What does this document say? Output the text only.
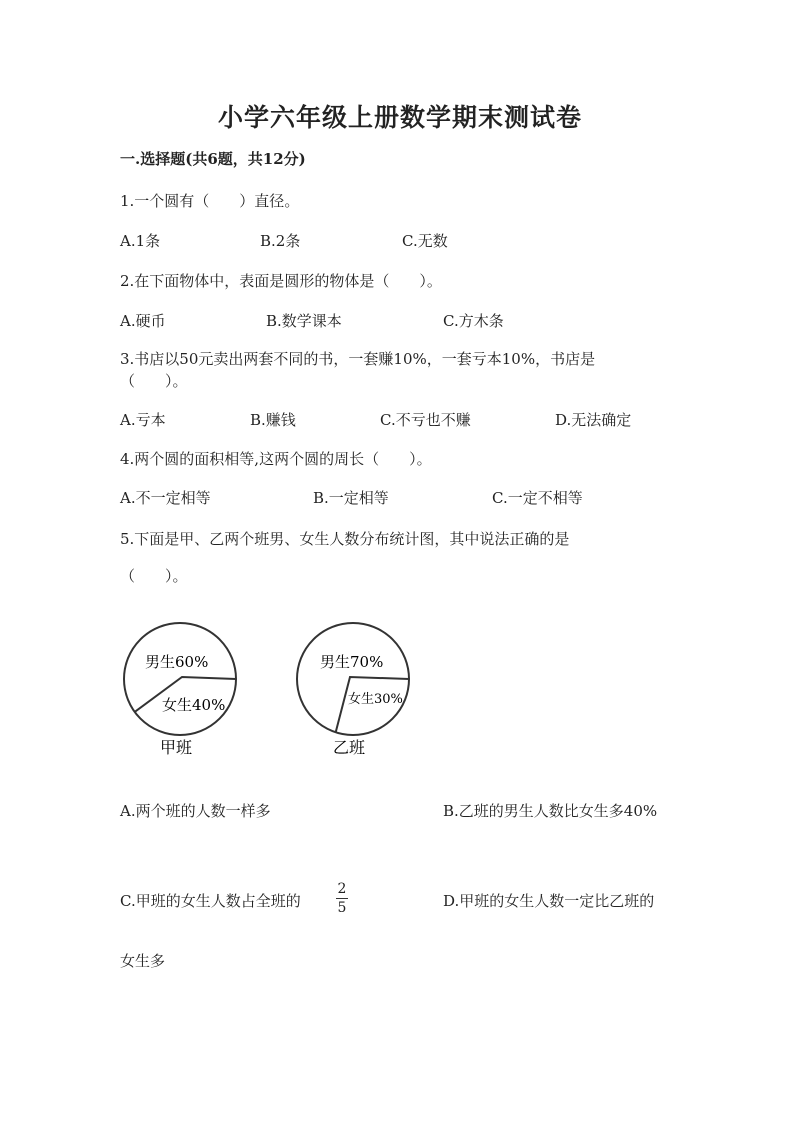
小学六年级上册数学期末测试卷
一.选择题(共6题，共12分)
1.一个圆有（　　）直径。
A.1条	B.2条	C.无数
2.在下面物体中，表面是圆形的物体是（　　）。
A.硬币	B.数学课本	C.方木条
3.书店以50元卖出两套不同的书，一套赚10%，一套亏本10%，书店是
（　　）。
A.亏本	B.赚钱	C.不亏也不赚	D.无法确定
4.两个圆的面积相等,这两个圆的周长（　　）。
A.不一定相等	B.一定相等	C.一定不相等
5.下面是甲、乙两个班男、女生人数分布统计图，其中说法正确的是
（　　）。
男生60%
女生40%
甲班
男生70%
女生30%
乙班
A.两个班的人数一样多	B.乙班的男生人数比女生多40%
C.甲班的女生人数占全班的
2
5	D.甲班的女生人数一定比乙班的
女生多
